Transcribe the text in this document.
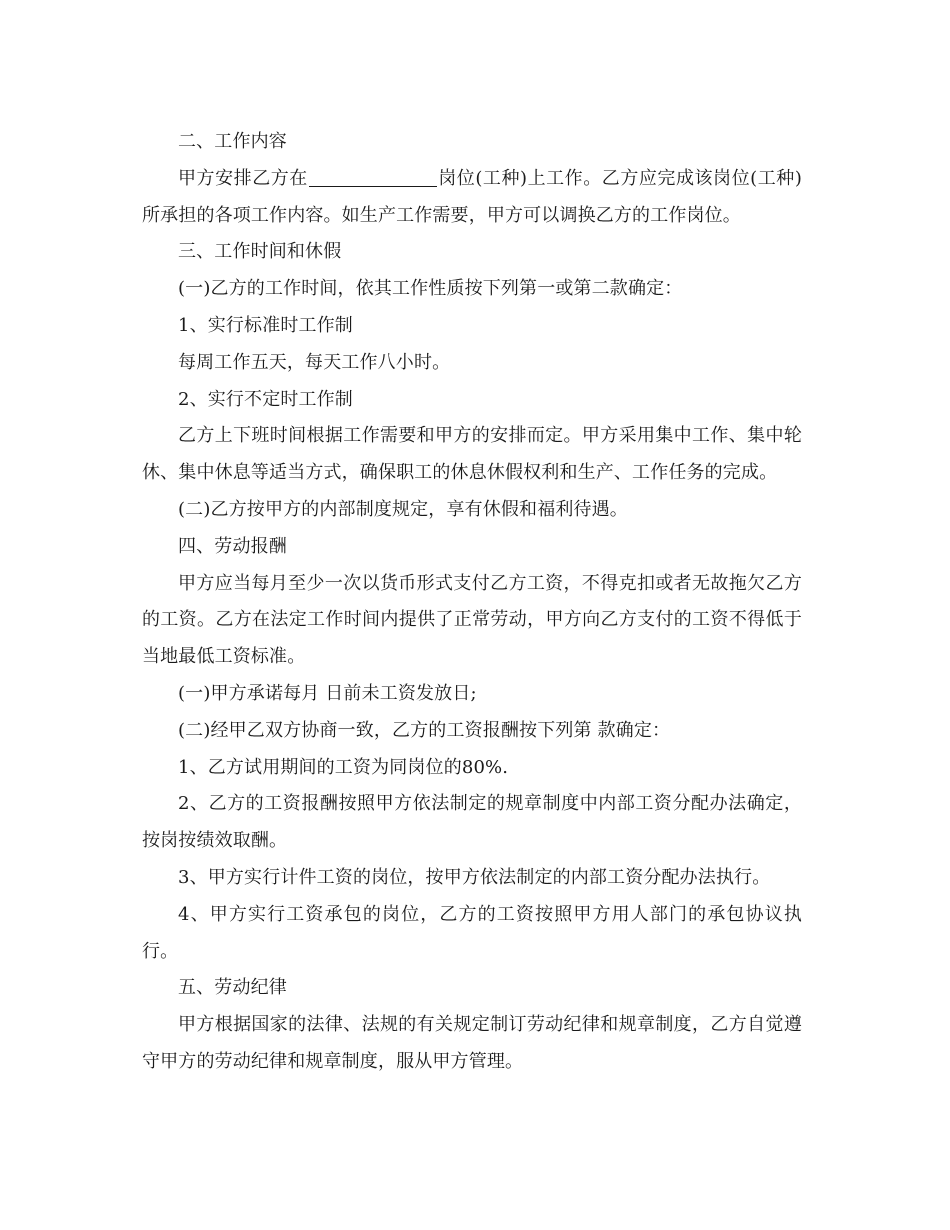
二、工作内容

甲方安排乙方在	岗位(工种)上工作。乙方应完成该岗位(工种)所承担的各项工作内容。如生产工作需要，甲方可以调换乙方的工作岗位。

三、工作时间和休假

(一)乙方的工作时间，依其工作性质按下列第一或第二款确定：

1、实行标准时工作制

每周工作五天，每天工作八小时。

2、实行不定时工作制

乙方上下班时间根据工作需要和甲方的安排而定。甲方采用集中工作、集中轮休、集中休息等适当方式，确保职工的休息休假权利和生产、工作任务的完成。

(二)乙方按甲方的内部制度规定，享有休假和福利待遇。

四、劳动报酬

甲方应当每月至少一次以货币形式支付乙方工资，不得克扣或者无故拖欠乙方的工资。乙方在法定工作时间内提供了正常劳动，甲方向乙方支付的工资不得低于当地最低工资标准。

(一)甲方承诺每月 日前未工资发放日;

(二)经甲乙双方协商一致，乙方的工资报酬按下列第 款确定：

1、乙方试用期间的工资为同岗位的80%.

2、乙方的工资报酬按照甲方依法制定的规章制度中内部工资分配办法确定，按岗按绩效取酬。

3、甲方实行计件工资的岗位，按甲方依法制定的内部工资分配办法执行。

4、甲方实行工资承包的岗位，乙方的工资按照甲方用人部门的承包协议执行。

五、劳动纪律

甲方根据国家的法律、法规的有关规定制订劳动纪律和规章制度，乙方自觉遵守甲方的劳动纪律和规章制度，服从甲方管理。
